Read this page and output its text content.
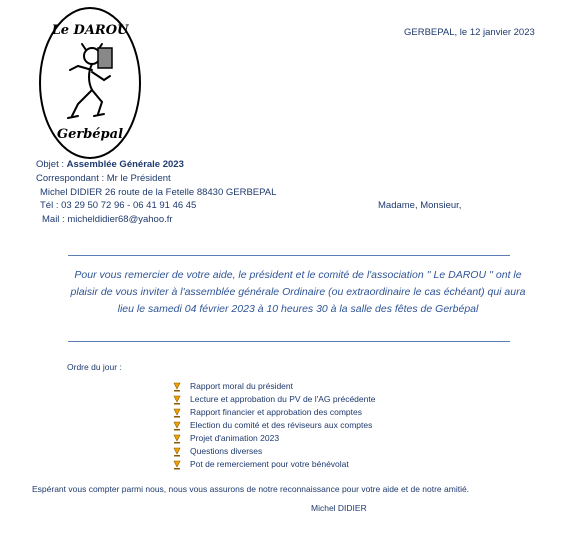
Le DAROU
Gerbépal
GERBEPAL, le 12 janvier 2023
Objet : Assemblée Générale 2023
Correspondant : Mr le Président
Michel DIDIER 26 route de la Fetelle 88430 GERBEPAL
Tél : 03 29 50 72 96 - 06 41 91 46 45
Mail : micheldidier68@yahoo.fr
Madame, Monsieur,
Pour vous remercier de votre aide, le président et le comité de l'association '' Le DAROU '' ont le plaisir de vous inviter à l'assemblée générale Ordinaire (ou extraordinaire le cas échéant) qui aura lieu le samedi 04 février 2023 à 10 heures 30 à la salle des fêtes de Gerbépal
Ordre du jour :
Rapport moral du président
Lecture et approbation du PV de l'AG précédente
Rapport financier et approbation des comptes
Election du comité et des réviseurs aux comptes
Projet d'animation 2023
Questions diverses
Pot de remerciement pour votre bénévolat
Espérant vous compter parmi nous, nous vous assurons de notre reconnaissance pour votre aide et de notre amitié.
Michel DIDIER
